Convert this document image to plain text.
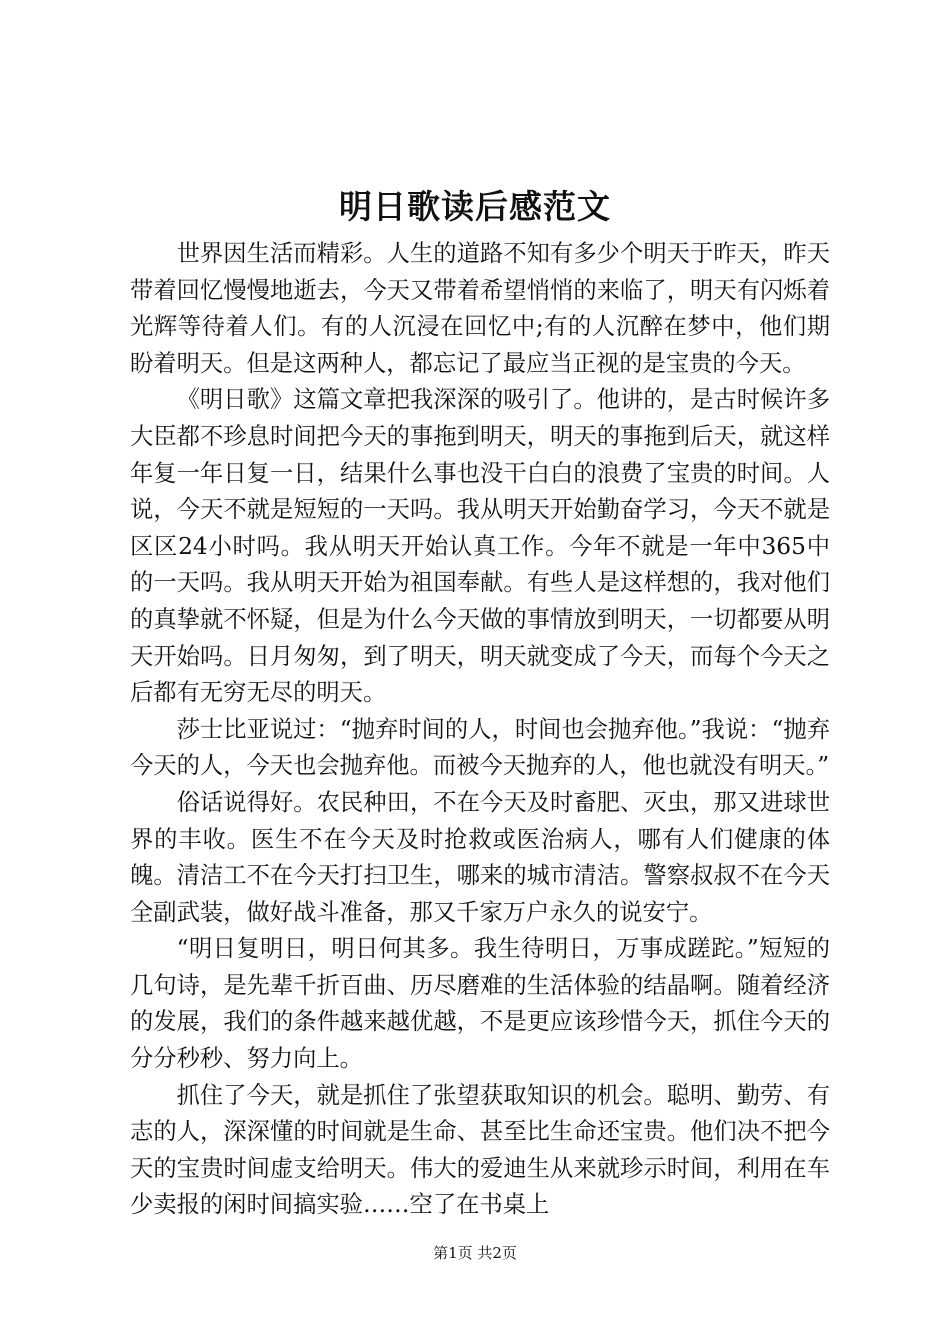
明日歌读后感范文

世界因生活而精彩。人生的道路不知有多少个明天于昨天，昨天带着回忆慢慢地逝去，今天又带着希望悄悄的来临了，明天有闪烁着光辉等待着人们。有的人沉浸在回忆中;有的人沉醉在梦中，他们期盼着明天。但是这两种人，都忘记了最应当正视的是宝贵的今天。

《明日歌》这篇文章把我深深的吸引了。他讲的，是古时候许多大臣都不珍息时间把今天的事拖到明天，明天的事拖到后天，就这样年复一年日复一日，结果什么事也没干白白的浪费了宝贵的时间。人说，今天不就是短短的一天吗。我从明天开始勤奋学习，今天不就是区区24小时吗。我从明天开始认真工作。今年不就是一年中365中的一天吗。我从明天开始为祖国奉献。有些人是这样想的，我对他们的真挚就不怀疑，但是为什么今天做的事情放到明天，一切都要从明天开始吗。日月匆匆，到了明天，明天就变成了今天，而每个今天之后都有无穷无尽的明天。

莎士比亚说过：“抛弃时间的人，时间也会抛弃他。”我说：“抛弃今天的人，今天也会抛弃他。而被今天抛弃的人，他也就没有明天。”

俗话说得好。农民种田，不在今天及时畜肥、灭虫，那又进球世界的丰收。医生不在今天及时抢救或医治病人，哪有人们健康的体魄。清洁工不在今天打扫卫生，哪来的城市清洁。警察叔叔不在今天全副武装，做好战斗准备，那又千家万户永久的说安宁。

“明日复明日，明日何其多。我生待明日，万事成蹉跎。”短短的几句诗，是先辈千折百曲、历尽磨难的生活体验的结晶啊。随着经济的发展，我们的条件越来越优越，不是更应该珍惜今天，抓住今天的分分秒秒、努力向上。

抓住了今天，就是抓住了张望获取知识的机会。聪明、勤劳、有志的人，深深懂的时间就是生命、甚至比生命还宝贵。他们决不把今天的宝贵时间虚支给明天。伟大的爱迪生从来就珍示时间，利用在车少卖报的闲时间搞实验……空了在书桌上

第1页 共2页
